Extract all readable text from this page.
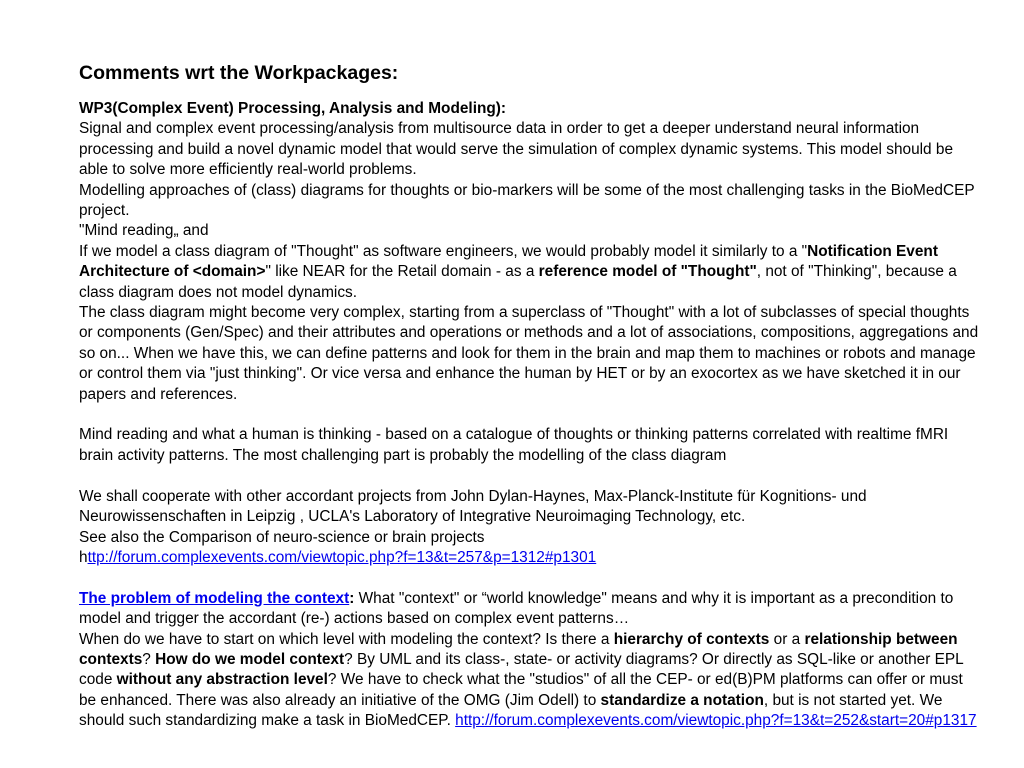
Comments wrt the Workpackages:
WP3(Complex Event) Processing, Analysis and Modeling):

Signal and complex event processing/analysis from multisource data in order to get a deeper understand neural information processing and build a novel dynamic model that would serve the simulation of complex dynamic systems. This model should be able to solve more efficiently real-world problems.

Modelling approaches of (class) diagrams for thoughts or bio-markers will be some of the most challenging tasks in the BioMedCEP project.

"Mind reading„ and

If we model a class diagram of "Thought" as software engineers, we would probably model it similarly to a "Notification Event Architecture of <domain>" like NEAR for the Retail domain - as a reference model of "Thought", not of "Thinking", because a class diagram does not model dynamics.

The class diagram might become very complex, starting from a superclass of "Thought" with a lot of subclasses of special thoughts or components (Gen/Spec) and their attributes and operations or methods and a lot of associations, compositions, aggregations and so on... When we have this, we can define patterns and look for them in the brain and map them to machines or robots and manage or control them via "just thinking". Or vice versa and enhance the human by HET or by an exocortex as we have sketched it in our papers and references.

Mind reading and what a human is thinking - based on a catalogue of thoughts or thinking patterns correlated with realtime fMRI brain activity patterns. The most challenging part is probably the modelling of the class diagram

We shall cooperate with other accordant projects from John Dylan-Haynes, Max-Planck-Institute für Kognitions- und Neurowissenschaften in Leipzig , UCLA's Laboratory of Integrative Neuroimaging Technology, etc.

See also the Comparison of neuro-science or brain projects

http://forum.complexevents.com/viewtopic.php?f=13&t=257&p=1312#p1301

The problem of modeling the context: What "context" or “world knowledge" means and why it is important as a precondition to model and trigger the accordant (re-) actions based on complex event patterns…

When do we have to start on which level with modeling the context? Is there a hierarchy of contexts or a relationship between contexts? How do we model context? By UML and its class-, state- or activity diagrams? Or directly as SQL-like or another EPL code without any abstraction level? We have to check what the "studios" of all the CEP- or ed(B)PM platforms can offer or must be enhanced. There was also already an initiative of the OMG (Jim Odell) to standardize a notation, but is not started yet. We should such standardizing make a task in BioMedCEP. http://forum.complexevents.com/viewtopic.php?f=13&t=252&start=20#p1317
